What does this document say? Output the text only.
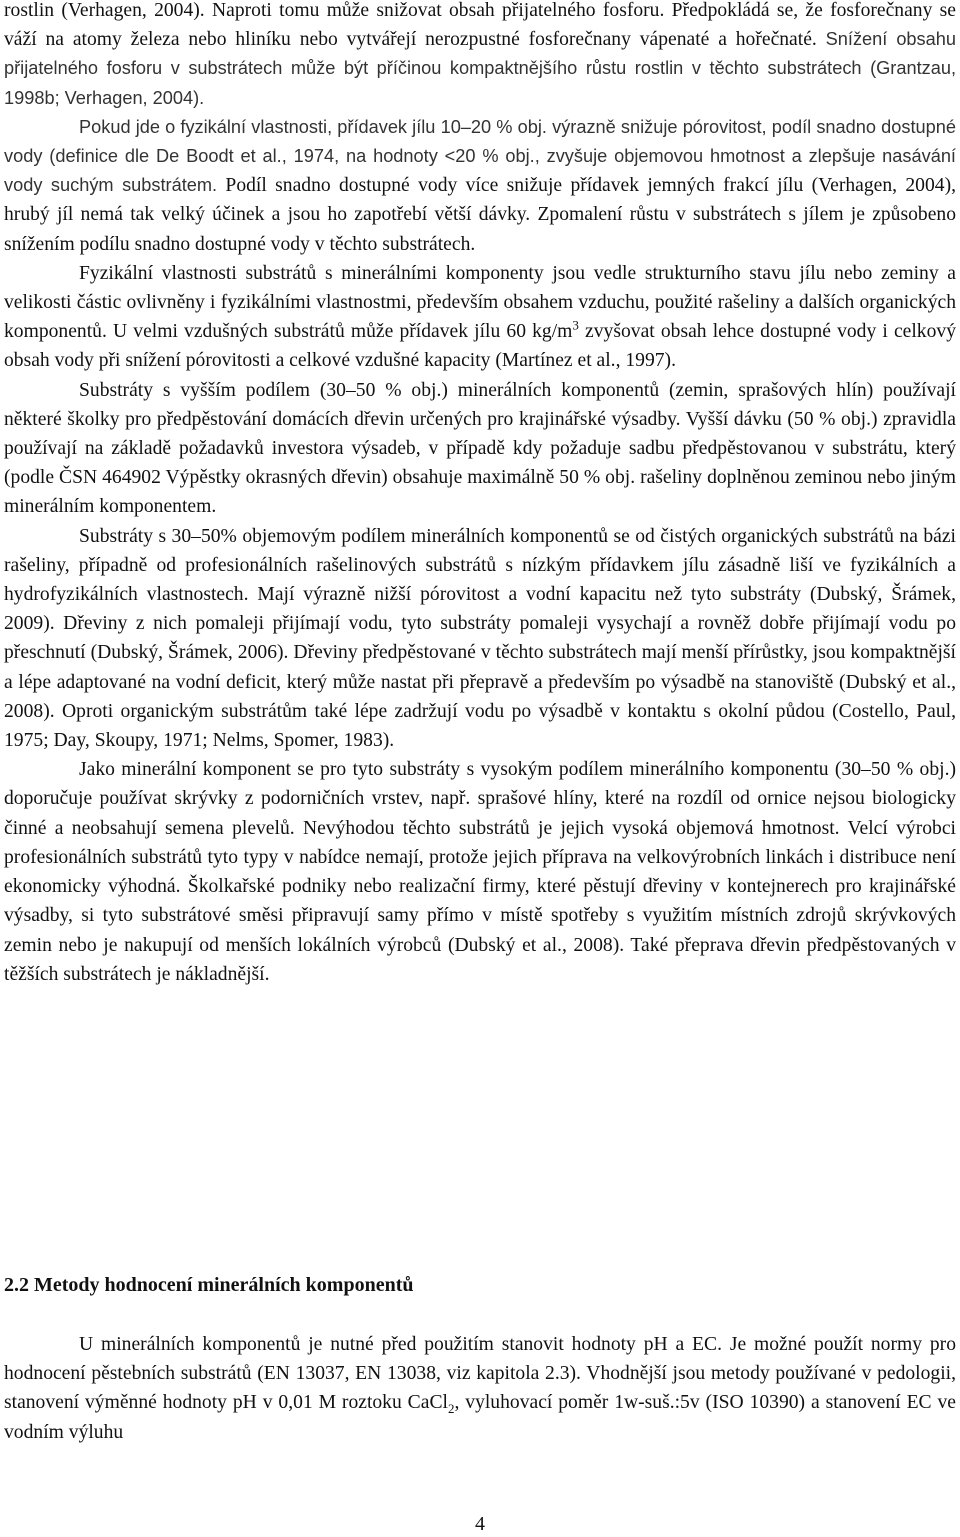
rostlin (Verhagen, 2004). Naproti tomu může snižovat obsah přijatelného fosforu. Předpokládá se, že fosforečnany se váží na atomy železa nebo hliníku nebo vytvářejí nerozpustné fosforečnany vápenaté a hořečnaté. Snížení obsahu přijatelného fosforu v substrátech může být příčinou kompaktnějšího růstu rostlin v těchto substrátech (Grantzau, 1998b; Verhagen, 2004).

Pokud jde o fyzikální vlastnosti, přídavek jílu 10–20 % obj. výrazně snižuje pórovitost, podíl snadno dostupné vody (definice dle De Boodt et al., 1974, na hodnoty <20 % obj., zvyšuje objemovou hmotnost a zlepšuje nasávání vody suchým substrátem. Podíl snadno dostupné vody více snižuje přídavek jemných frakcí jílu (Verhagen, 2004), hrubý jíl nemá tak velký účinek a jsou ho zapotřebí větší dávky. Zpomalení růstu v substrátech s jílem je způsobeno snížením podílu snadno dostupné vody v těchto substrátech.

Fyzikální vlastnosti substrátů s minerálními komponenty jsou vedle strukturního stavu jílu nebo zeminy a velikosti částic ovlivněny i fyzikálními vlastnostmi, především obsahem vzduchu, použité rašeliny a dalších organických komponentů. U velmi vzdušných substrátů může přídavek jílu 60 $kg/m^3$ zvyšovat obsah lehce dostupné vody i celkový obsah vody při snížení pórovitosti a celkové vzdušné kapacity (Martínez et al., 1997).

Substráty s vyšším podílem (30–50 % obj.) minerálních komponentů (zemin, sprašových hlín) používají některé školky pro předpěstování domácích dřevin určených pro krajinářské výsadby. Vyšší dávku (50 % obj.) zpravidla používají na základě požadavků investora výsadeb, v případě kdy požaduje sadbu předpěstovanou v substrátu, který (podle ČSN 464902 Výpěstky okrasných dřevin) obsahuje maximálně 50 % obj. rašeliny doplněnou zeminou nebo jiným minerálním komponentem.

Substráty s 30–50% objemovým podílem minerálních komponentů se od čistých organických substrátů na bázi rašeliny, případně od profesionálních rašelinových substrátů s nízkým přídavkem jílu zásadně liší ve fyzikálních a hydrofyzikálních vlastnostech. Mají výrazně nižší pórovitost a vodní kapacitu než tyto substráty (Dubský, Šrámek, 2009). Dřeviny z nich pomaleji přijímají vodu, tyto substráty pomaleji vysychají a rovněž dobře přijímají vodu po přeschnutí (Dubský, Šrámek, 2006). Dřeviny předpěstované v těchto substrátech mají menší přírůstky, jsou kompaktnější a lépe adaptované na vodní deficit, který může nastat při přepravě a především po výsadbě na stanoviště (Dubský et al., 2008). Oproti organickým substrátům také lépe zadržují vodu po výsadbě v kontaktu s okolní půdou (Costello, Paul, 1975; Day, Skoupy, 1971; Nelms, Spomer, 1983).

Jako minerální komponent se pro tyto substráty s vysokým podílem minerálního komponentu (30–50 % obj.) doporučuje používat skrývky z podorničních vrstev, např. sprašové hlíny, které na rozdíl od ornice nejsou biologicky činné a neobsahují semena plevelů. Nevýhodou těchto substrátů je jejich vysoká objemová hmotnost. Velcí výrobci profesionálních substrátů tyto typy v nabídce nemají, protože jejich příprava na velkovýrobních linkách i distribuce není ekonomicky výhodná. Školkařské podniky nebo realizační firmy, které pěstují dřeviny v kontejnerech pro krajinářské výsadby, si tyto substrátové směsi připravují samy přímo v místě spotřeby s využitím místních zdrojů skrývkových zemin nebo je nakupují od menších lokálních výrobců (Dubský et al., 2008). Také přeprava dřevin předpěstovaných v těžších substrátech je nákladnější.

2.2 Metody hodnocení minerálních komponentů

U minerálních komponentů je nutné před použitím stanovit hodnoty pH a EC. Je možné použít normy pro hodnocení pěstebních substrátů (EN 13037, EN 13038, viz kapitola 2.3). Vhodnější jsou metody používané v pedologii, stanovení výměnné hodnoty pH v 0,01 M roztoku CaCl$_2$, vyluhovací poměr 1w-suš.:5v (ISO 10390) a stanovení EC ve vodním výluhu

4
